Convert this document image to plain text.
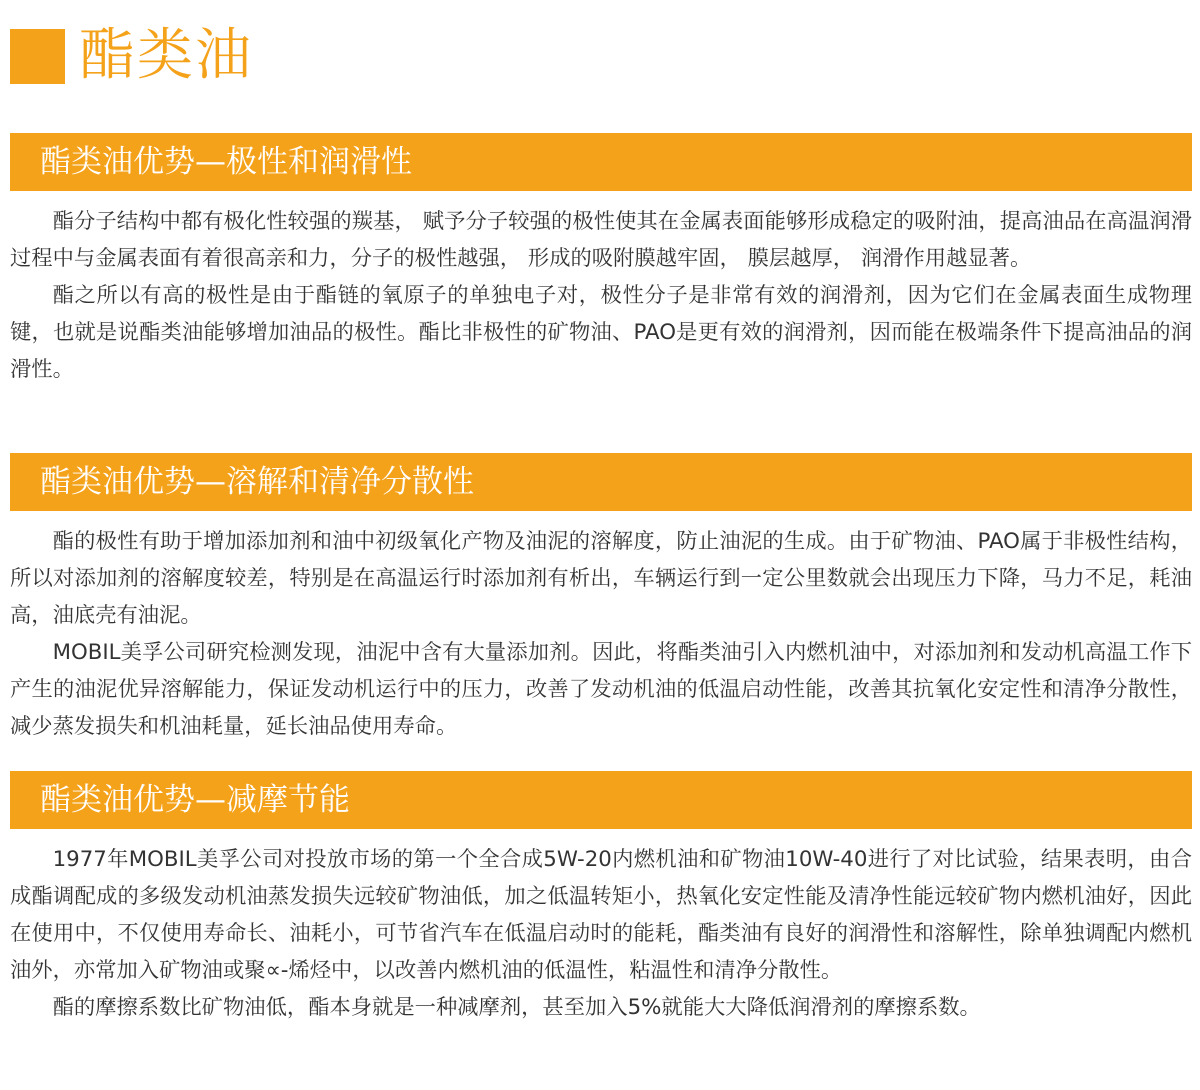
酯类油
酯类油优势—极性和润滑性

酯分子结构中都有极化性较强的羰基， 赋予分子较强的极性使其在金属表面能够形成稳定的吸附油，提高油品在高温润滑过程中与金属表面有着很高亲和力，分子的极性越强， 形成的吸附膜越牢固， 膜层越厚， 润滑作用越显著。

酯之所以有高的极性是由于酯链的氧原子的单独电子对，极性分子是非常有效的润滑剂，因为它们在金属表面生成物理键，也就是说酯类油能够增加油品的极性。酯比非极性的矿物油、PAO是更有效的润滑剂，因而能在极端条件下提高油品的润滑性。

酯类油优势—溶解和清净分散性

酯的极性有助于增加添加剂和油中初级氧化产物及油泥的溶解度，防止油泥的生成。由于矿物油、PAO属于非极性结构，所以对添加剂的溶解度较差，特别是在高温运行时添加剂有析出，车辆运行到一定公里数就会出现压力下降，马力不足，耗油高，油底壳有油泥。

MOBIL美孚公司研究检测发现，油泥中含有大量添加剂。因此，将酯类油引入内燃机油中，对添加剂和发动机高温工作下产生的油泥优异溶解能力，保证发动机运行中的压力，改善了发动机油的低温启动性能，改善其抗氧化安定性和清净分散性，减少蒸发损失和机油耗量，延长油品使用寿命。

酯类油优势—减摩节能

1977年MOBIL美孚公司对投放市场的第一个全合成5W-20内燃机油和矿物油10W-40进行了对比试验，结果表明，由合成酯调配成的多级发动机油蒸发损失远较矿物油低，加之低温转矩小，热氧化安定性能及清净性能远较矿物内燃机油好，因此在使用中，不仅使用寿命长、油耗小，可节省汽车在低温启动时的能耗，酯类油有良好的润滑性和溶解性，除单独调配内燃机油外，亦常加入矿物油或聚∝-烯烃中，以改善内燃机油的低温性，粘温性和清净分散性。

酯的摩擦系数比矿物油低，酯本身就是一种减摩剂，甚至加入5%就能大大降低润滑剂的摩擦系数。
